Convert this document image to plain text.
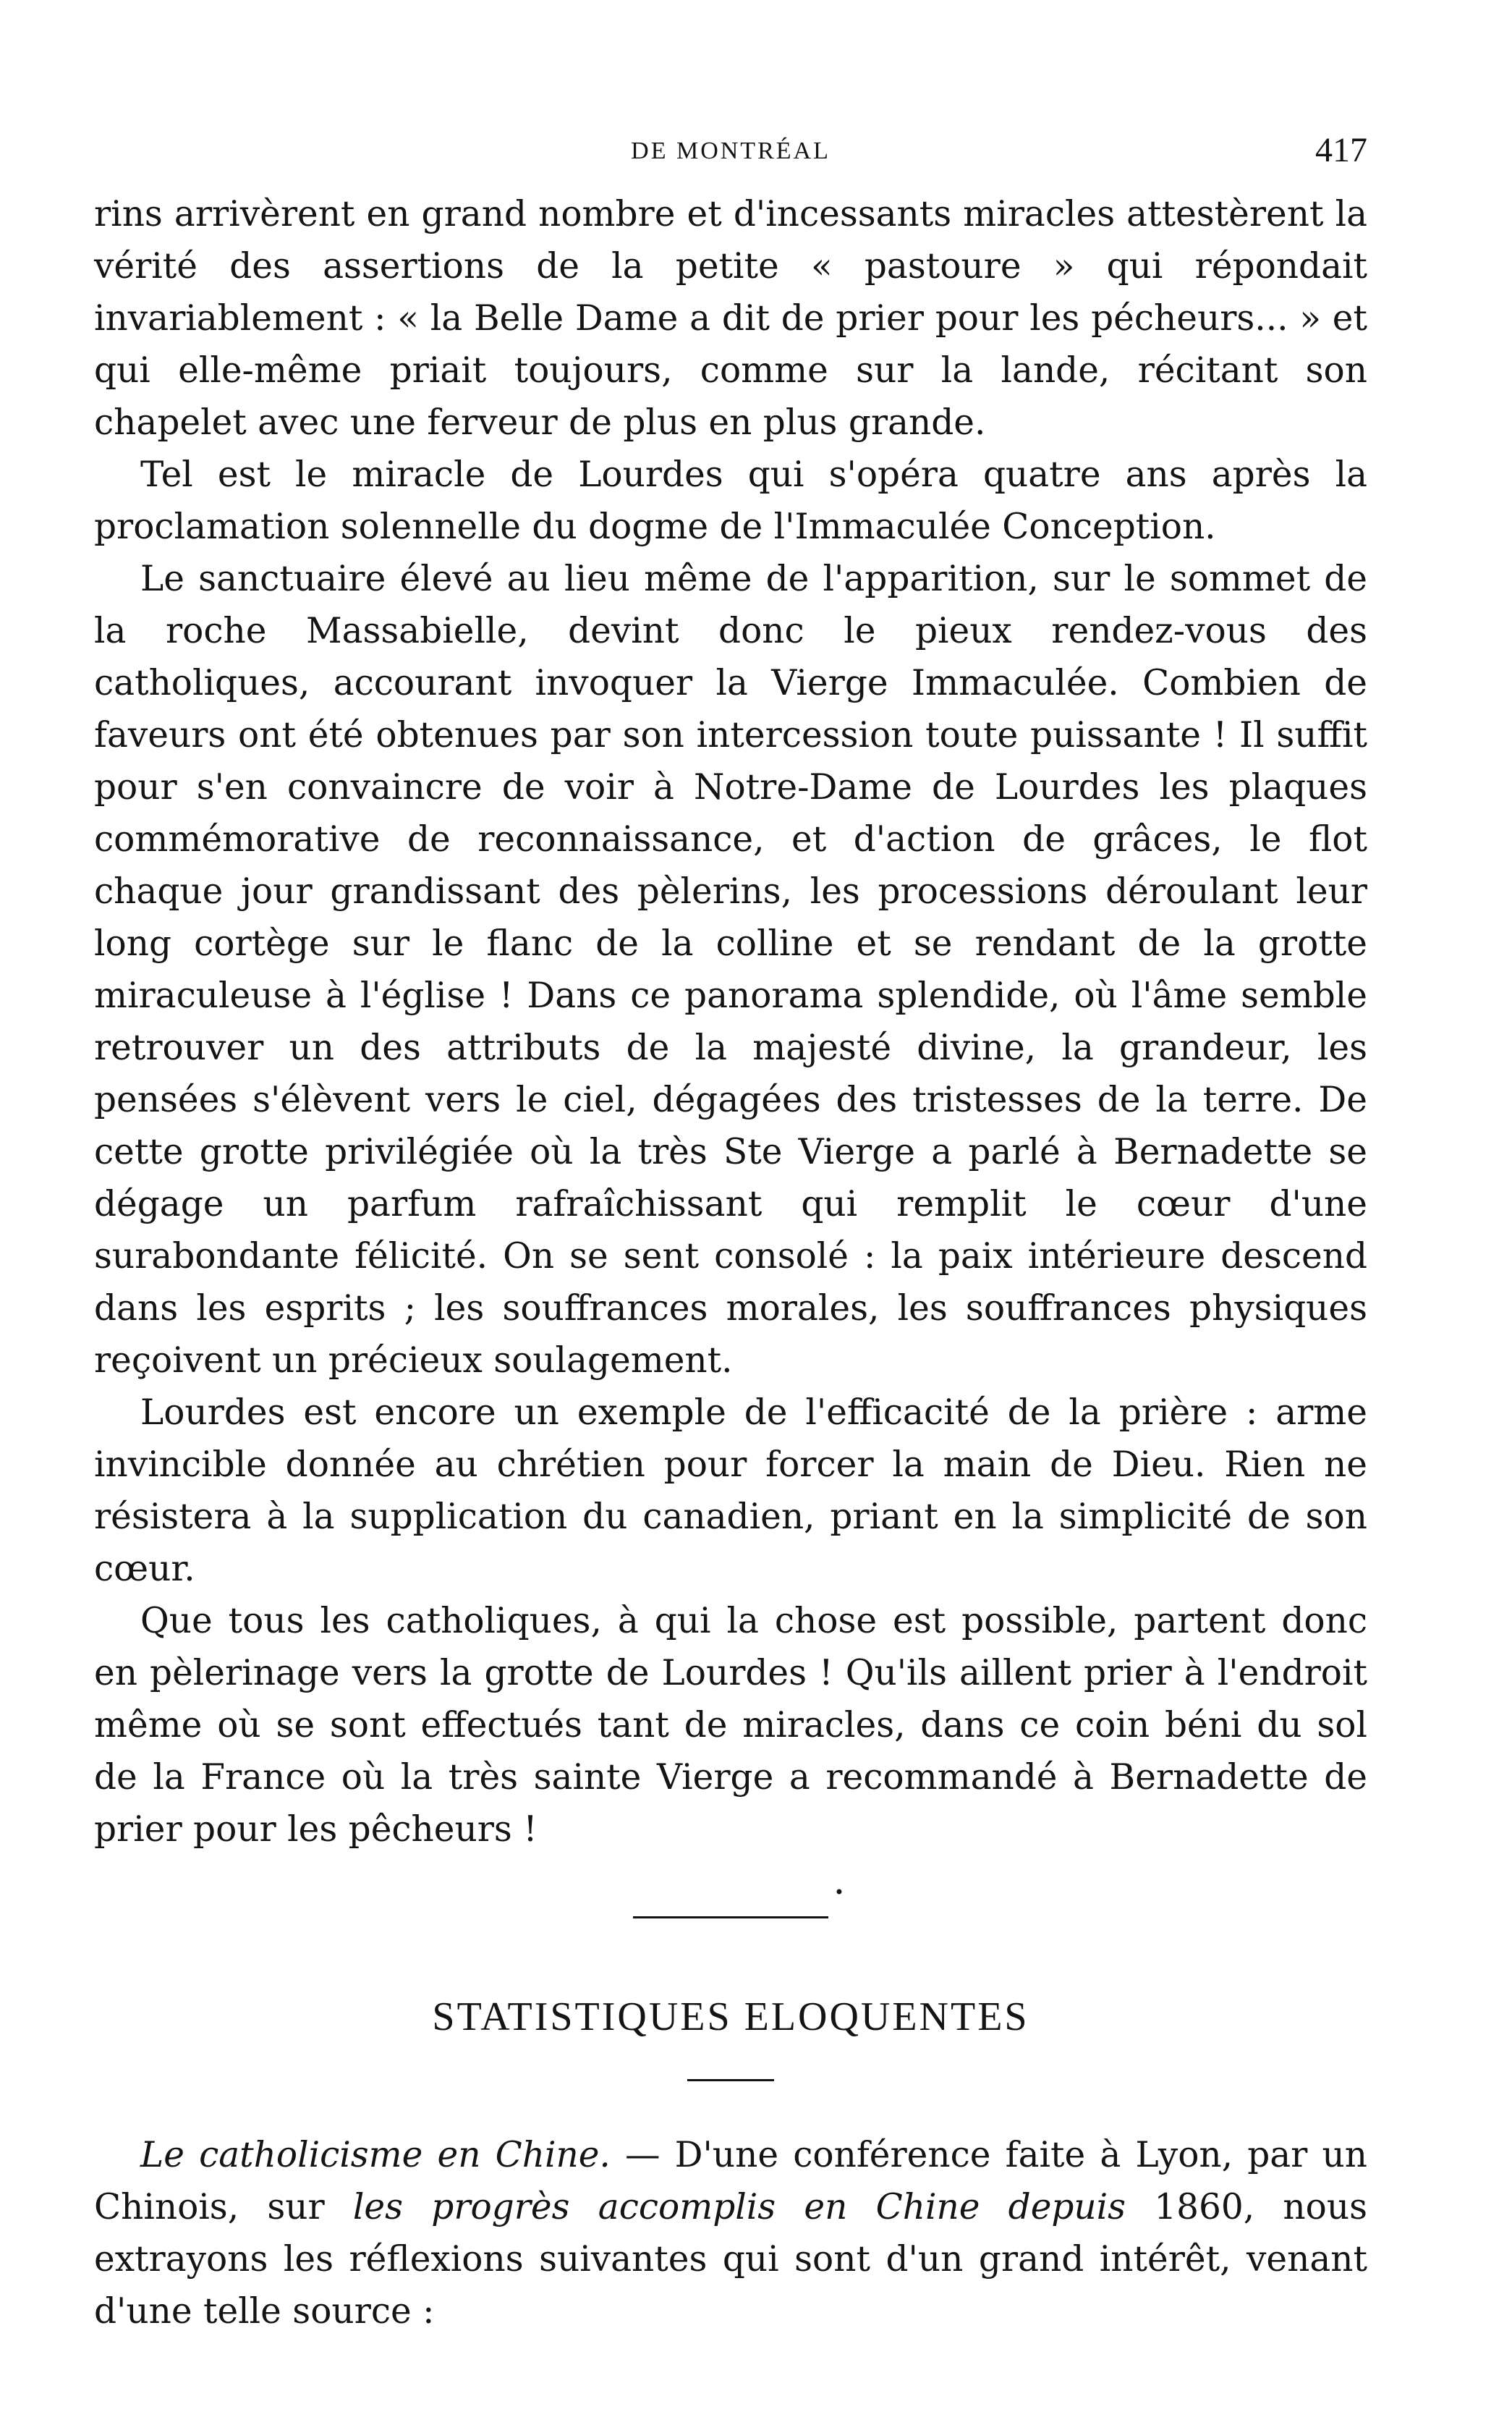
DE MONTRÉAL	417

rins arrivèrent en grand nombre et d'incessants miracles attestèrent la vérité des assertions de la petite « pastoure » qui répondait invariablement : « la Belle Dame a dit de prier pour les pécheurs... » et qui elle-même priait toujours, comme sur la lande, récitant son chapelet avec une ferveur de plus en plus grande.

Tel est le miracle de Lourdes qui s'opéra quatre ans après la proclamation solennelle du dogme de l'Immaculée Conception.

Le sanctuaire élevé au lieu même de l'apparition, sur le sommet de la roche Massabielle, devint donc le pieux rendez-vous des catholiques, accourant invoquer la Vierge Immaculée. Combien de faveurs ont été obtenues par son intercession toute puissante ! Il suffit pour s'en convaincre de voir à Notre-Dame de Lourdes les plaques commémorative de reconnaissance, et d'action de grâces, le flot chaque jour grandissant des pèlerins, les processions déroulant leur long cortège sur le flanc de la colline et se rendant de la grotte miraculeuse à l'église ! Dans ce panorama splendide, où l'âme semble retrouver un des attributs de la majesté divine, la grandeur, les pensées s'élèvent vers le ciel, dégagées des tristesses de la terre. De cette grotte privilégiée où la très Ste Vierge a parlé à Bernadette se dégage un parfum rafraîchissant qui remplit le cœur d'une surabondante félicité. On se sent consolé : la paix intérieure descend dans les esprits ; les souffrances morales, les souffrances physiques reçoivent un précieux soulagement.

Lourdes est encore un exemple de l'efficacité de la prière : arme invincible donnée au chrétien pour forcer la main de Dieu. Rien ne résistera à la supplication du canadien, priant en la simplicité de son cœur.

Que tous les catholiques, à qui la chose est possible, partent donc en pèlerinage vers la grotte de Lourdes ! Qu'ils aillent prier à l'endroit même où se sont effectués tant de miracles, dans ce coin béni du sol de la France où la très sainte Vierge a recommandé à Bernadette de prier pour les pêcheurs !

•
STATISTIQUES ELOQUENTES

Le catholicisme en Chine. — D'une conférence faite à Lyon, par un Chinois, sur les progrès accomplis en Chine depuis 1860, nous extrayons les réflexions suivantes qui sont d'un grand intérêt, venant d'une telle source :
